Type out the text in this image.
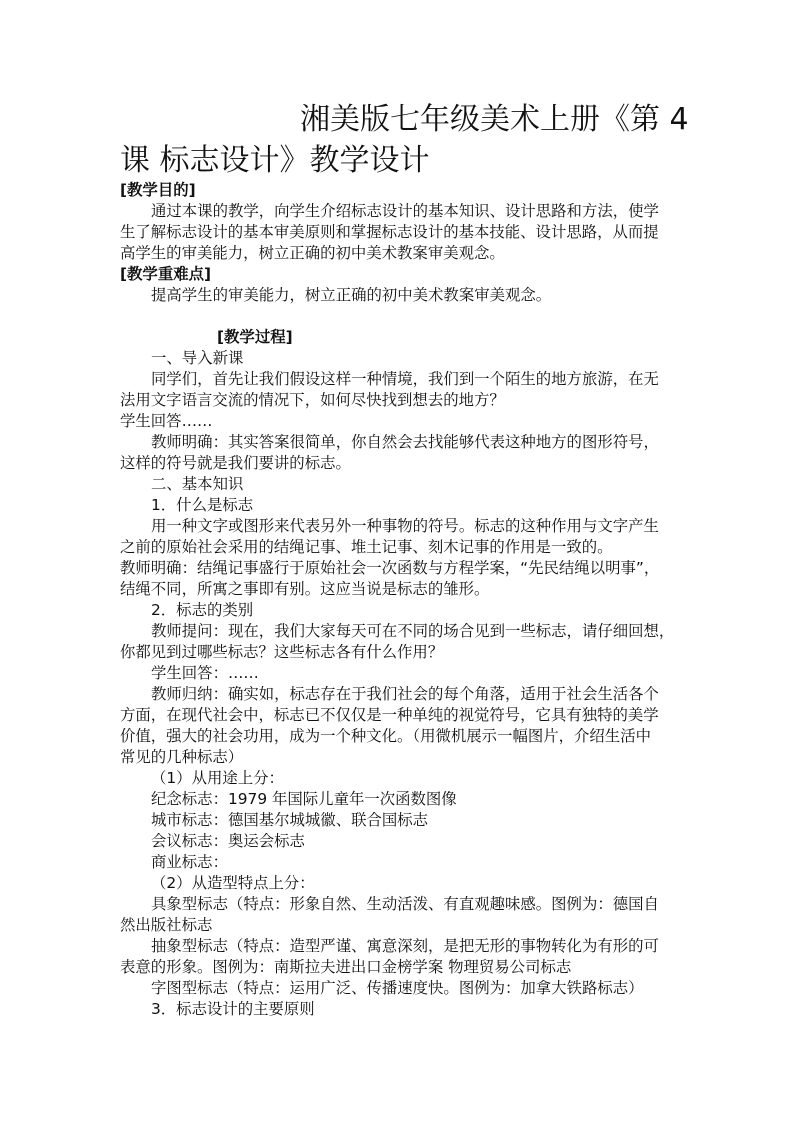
湘美版七年级美术上册《第 4
课 标志设计》教学设计
[教学目的]
通过本课的教学，向学生介绍标志设计的基本知识、设计思路和方法，使学
生了解标志设计的基本审美原则和掌握标志设计的基本技能、设计思路，从而提
高学生的审美能力，树立正确的初中美术教案审美观念。
[教学重难点]
提高学生的审美能力，树立正确的初中美术教案审美观念。
[教学过程]
一、导入新课
同学们，首先让我们假设这样一种情境，我们到一个陌生的地方旅游，在无
法用文字语言交流的情况下，如何尽快找到想去的地方？
学生回答……
教师明确：其实答案很简单，你自然会去找能够代表这种地方的图形符号，
这样的符号就是我们要讲的标志。
二、基本知识
1．什么是标志
用一种文字或图形来代表另外一种事物的符号。标志的这种作用与文字产生
之前的原始社会采用的结绳记事、堆土记事、刻木记事的作用是一致的。
教师明确：结绳记事盛行于原始社会一次函数与方程学案，“先民结绳以明事”，
结绳不同，所寓之事即有别。这应当说是标志的雏形。
2．标志的类别
教师提问：现在，我们大家每天可在不同的场合见到一些标志，请仔细回想，
你都见到过哪些标志？这些标志各有什么作用？
学生回答：……
教师归纳：确实如，标志存在于我们社会的每个角落，适用于社会生活各个
方面，在现代社会中，标志已不仅仅是一种单纯的视觉符号，它具有独特的美学
价值，强大的社会功用，成为一个种文化。（用微机展示一幅图片，介绍生活中
常见的几种标志）
（1）从用途上分：
纪念标志：1979 年国际儿童年一次函数图像
城市标志：德国基尔城城徽、联合国标志
会议标志：奥运会标志
商业标志：
（2）从造型特点上分：
具象型标志（特点：形象自然、生动活泼、有直观趣味感。图例为：德国自
然出版社标志
抽象型标志（特点：造型严谨、寓意深刻，是把无形的事物转化为有形的可
表意的形象。图例为：南斯拉夫进出口金榜学案 物理贸易公司标志
字图型标志（特点：运用广泛、传播速度快。图例为：加拿大铁路标志）
3．标志设计的主要原则
